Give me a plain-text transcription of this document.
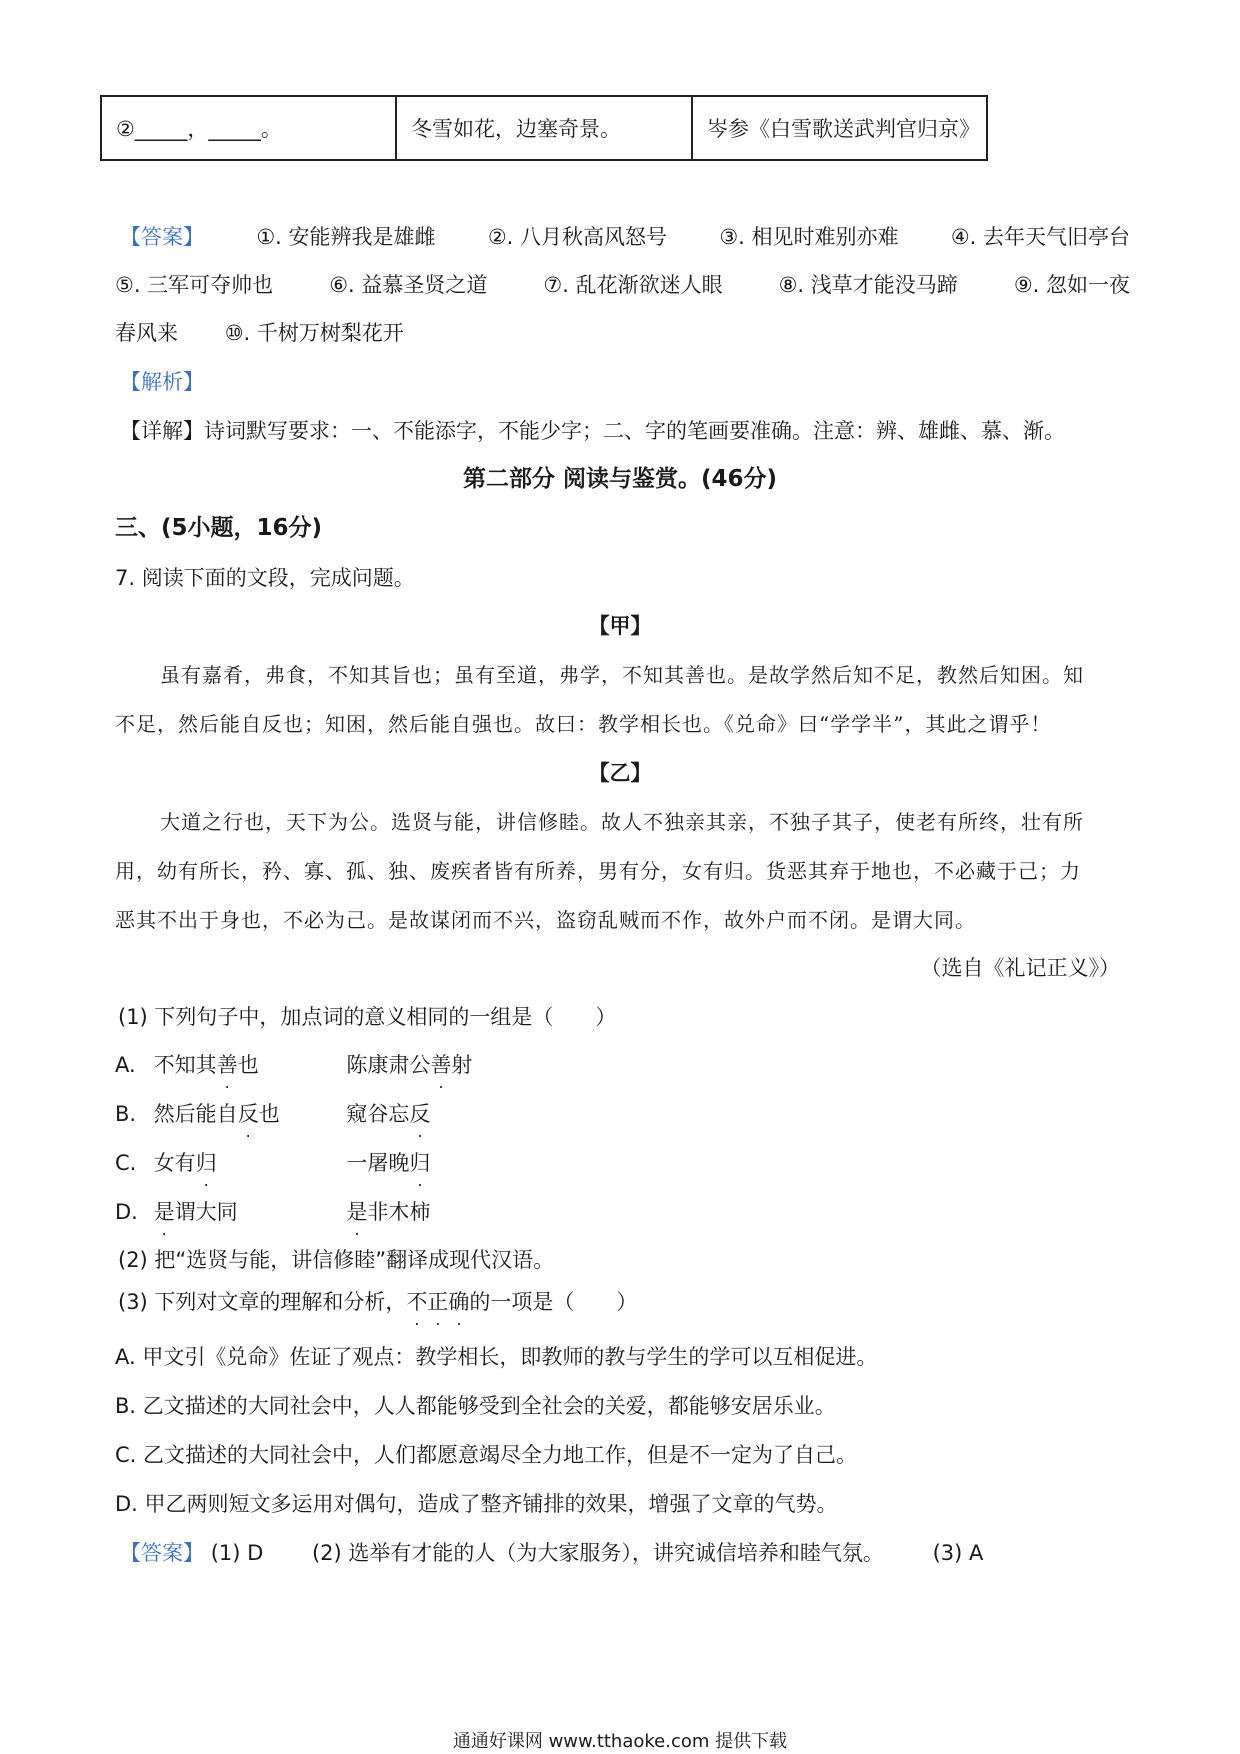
②_____，_____。	冬雪如花，边塞奇景。	岑参《白雪歌送武判官归京》
【答案】 ①. 安能辨我是雄雌 ②. 八月秋高风怒号 ③. 相见时难别亦难 ④. 去年天气旧亭台
⑤. 三军可夺帅也	⑥. 益慕圣贤之道	⑦. 乱花渐欲迷人眼	⑧. 浅草才能没马蹄	⑨. 忽如一夜
春风来 ⑩. 千树万树梨花开
【解析】
【详解】诗词默写要求：一、不能添字，不能少字；二、字的笔画要准确。注意：辨、雄雌、慕、渐。
第二部分 阅读与鉴赏。(46分)
三、(5小题，16分)
7. 阅读下面的文段，完成问题。
【甲】
虽有嘉肴，弗食，不知其旨也；虽有至道，弗学，不知其善也。是故学然后知不足，教然后知困。知
不足，然后能自反也；知困，然后能自强也。故曰：教学相长也。《兑命》曰“学学半”，其此之谓乎！
【乙】
大道之行也，天下为公。选贤与能，讲信修睦。故人不独亲其亲，不独子其子，使老有所终，壮有所
用，幼有所长，矜、寡、孤、独、废疾者皆有所养，男有分，女有归。货恶其弃于地也，不必藏于己；力
恶其不出于身也，不必为己。是故谋闭而不兴，盗窃乱贼而不作，故外户而不闭。是谓大同。
（选自《礼记正义》）
(1) 下列句子中，加点词的意义相同的一组是（　　）
A. 不知其善也	陈康肃公善射
B. 然后能自反也	窥谷忘反
C. 女有归	一屠晚归
D. 是谓大同	是非木柿
(2) 把“选贤与能，讲信修睦”翻译成现代汉语。
(3) 下列对文章的理解和分析，不正确的一项是（　　）
A. 甲文引《兑命》佐证了观点：教学相长，即教师的教与学生的学可以互相促进。
B. 乙文描述的大同社会中，人人都能够受到全社会的关爱，都能够安居乐业。
C. 乙文描述的大同社会中，人们都愿意竭尽全力地工作，但是不一定为了自己。
D. 甲乙两则短文多运用对偶句，造成了整齐铺排的效果，增强了文章的气势。
【答案】 (1) D (2) 选举有才能的人（为大家服务），讲究诚信培养和睦气氛。 (3) A
通通好课网 www.tthaoke.com 提供下载
